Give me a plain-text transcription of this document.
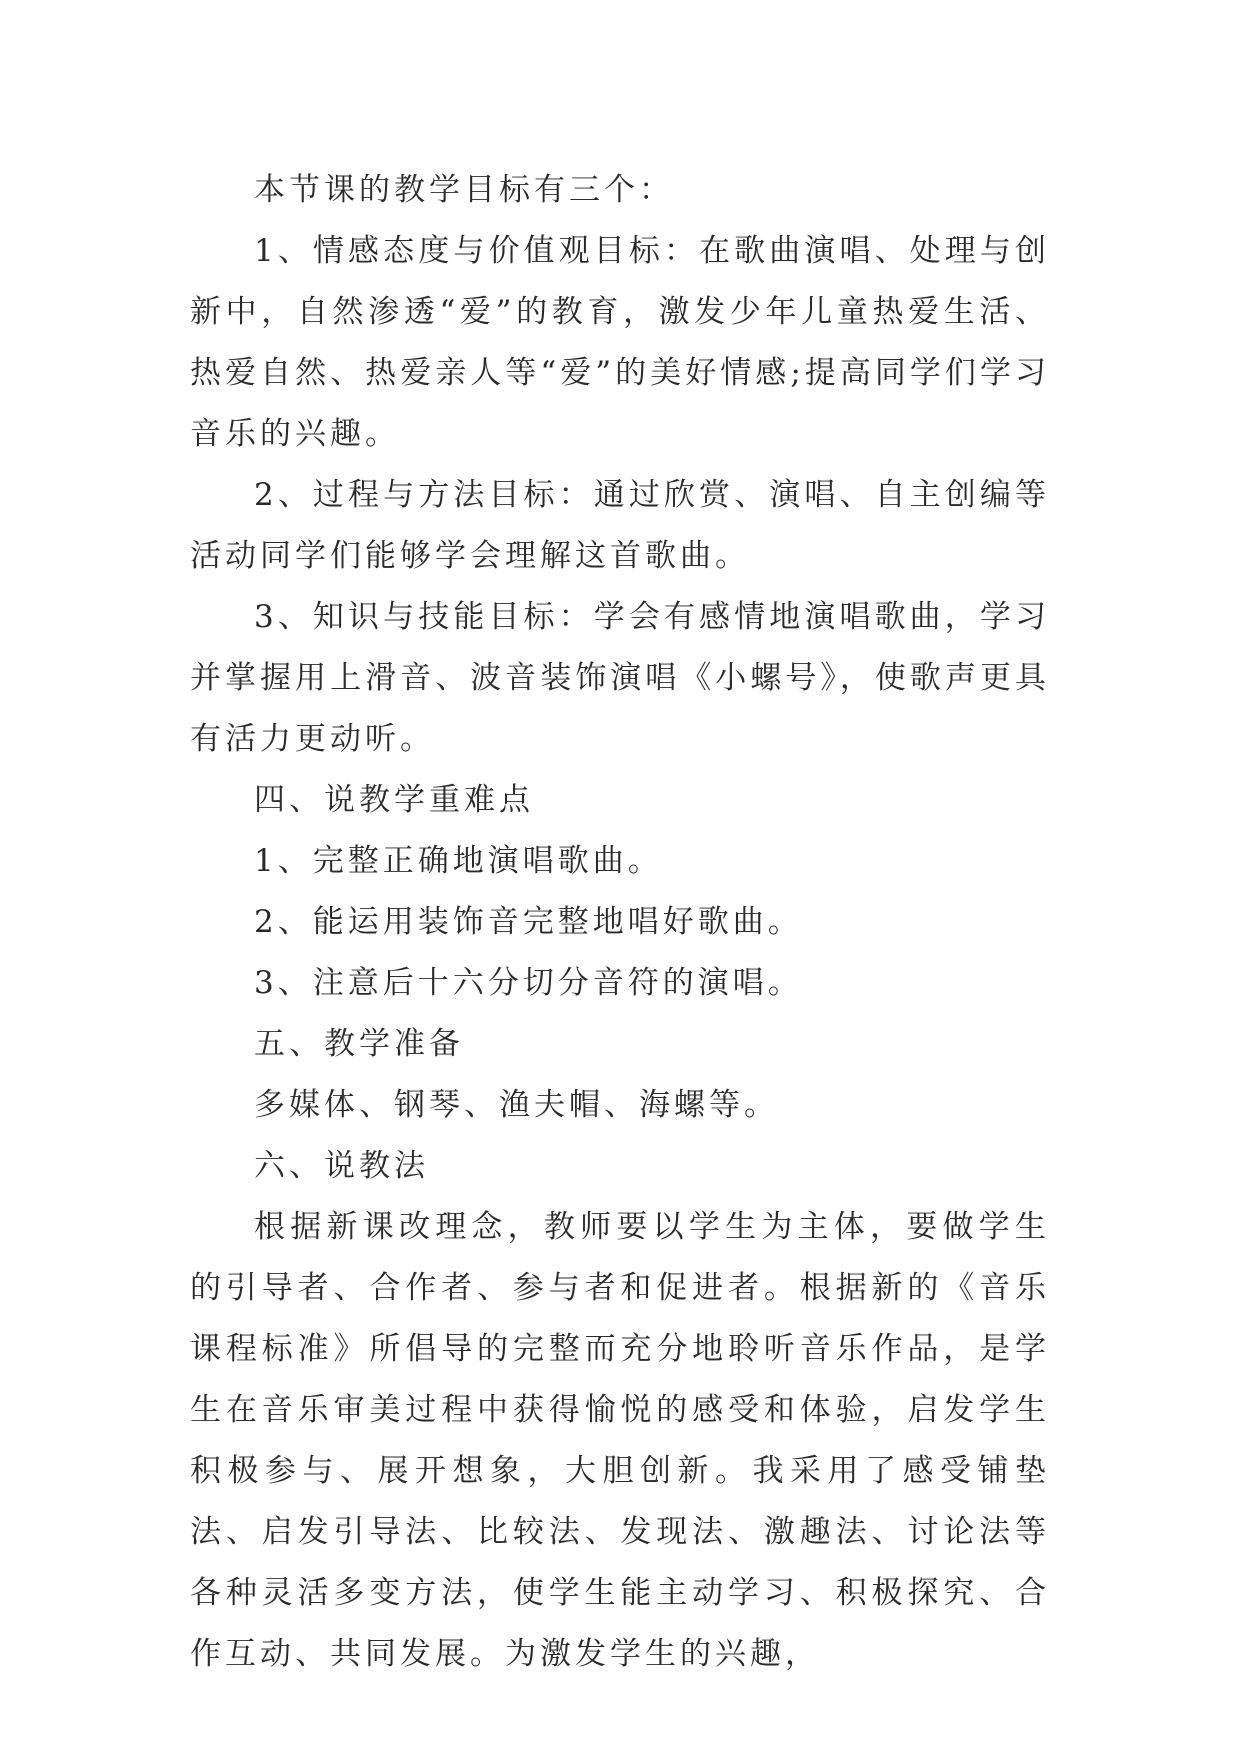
本节课的教学目标有三个：

1、情感态度与价值观目标：在歌曲演唱、处理与创新中，自然渗透“爱”的教育，激发少年儿童热爱生活、热爱自然、热爱亲人等“爱”的美好情感;提高同学们学习音乐的兴趣。

2、过程与方法目标：通过欣赏、演唱、自主创编等活动同学们能够学会理解这首歌曲。

3、知识与技能目标：学会有感情地演唱歌曲，学习并掌握用上滑音、波音装饰演唱《小螺号》，使歌声更具有活力更动听。

四、说教学重难点

1、完整正确地演唱歌曲。

2、能运用装饰音完整地唱好歌曲。

3、注意后十六分切分音符的演唱。

五、教学准备

多媒体、钢琴、渔夫帽、海螺等。

六、说教法

根据新课改理念，教师要以学生为主体，要做学生的引导者、合作者、参与者和促进者。根据新的《音乐课程标准》所倡导的完整而充分地聆听音乐作品，是学生在音乐审美过程中获得愉悦的感受和体验，启发学生积极参与、展开想象，大胆创新。我采用了感受铺垫法、启发引导法、比较法、发现法、激趣法、讨论法等各种灵活多变方法，使学生能主动学习、积极探究、合作互动、共同发展。为激发学生的兴趣，
